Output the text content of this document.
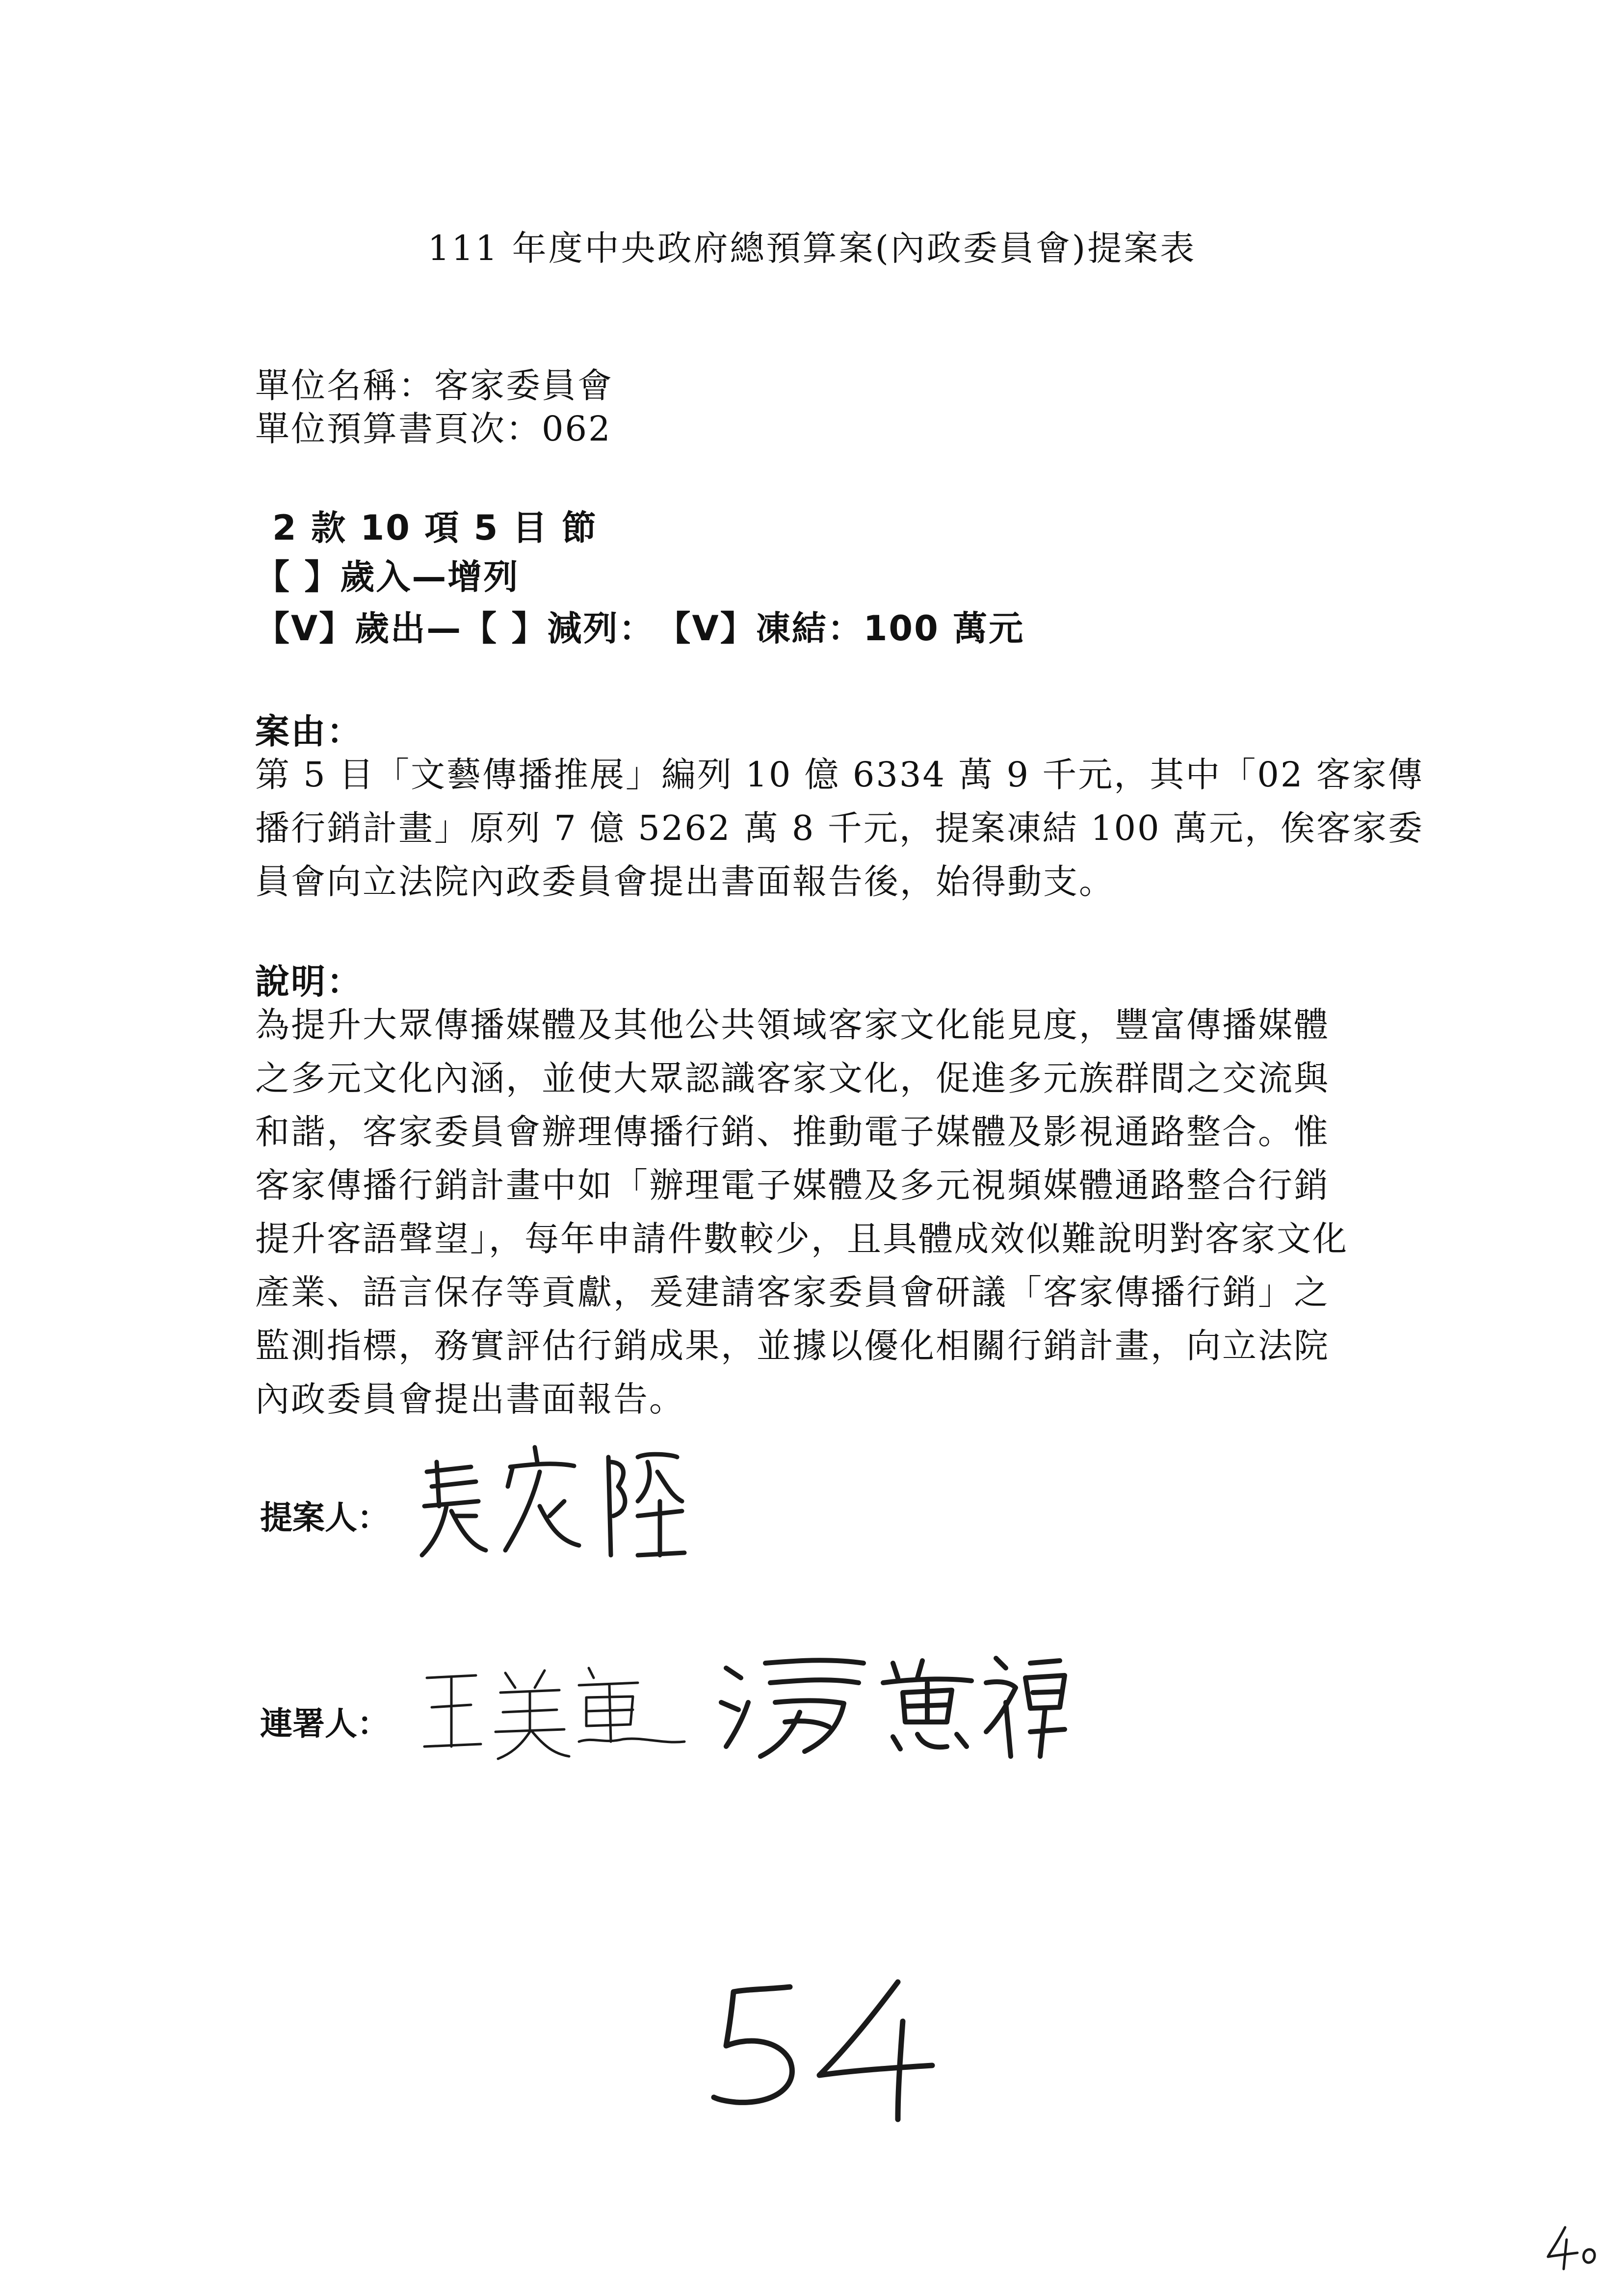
111 年度中央政府總預算案(內政委員會)提案表
單位名稱：客家委員會
單位預算書頁次：062
2 款 10 項 5 目 節
【 】歲入—增列
【V】歲出—【 】減列：　【V】凍結：100 萬元
案由：
第 5 目「文藝傳播推展」編列 10 億 6334 萬 9 千元，其中「02 客家傳
播行銷計畫」原列 7 億 5262 萬 8 千元，提案凍結 100 萬元，俟客家委
員會向立法院內政委員會提出書面報告後，始得動支。
說明：
為提升大眾傳播媒體及其他公共領域客家文化能見度，豐富傳播媒體
之多元文化內涵，並使大眾認識客家文化，促進多元族群間之交流與
和諧，客家委員會辦理傳播行銷、推動電子媒體及影視通路整合。惟
客家傳播行銷計畫中如「辦理電子媒體及多元視頻媒體通路整合行銷
提升客語聲望」，每年申請件數較少，且具體成效似難說明對客家文化
產業、語言保存等貢獻，爰建請客家委員會研議「客家傳播行銷」之
監測指標，務實評估行銷成果，並據以優化相關行銷計畫，向立法院
內政委員會提出書面報告。
提案人：
連署人：
